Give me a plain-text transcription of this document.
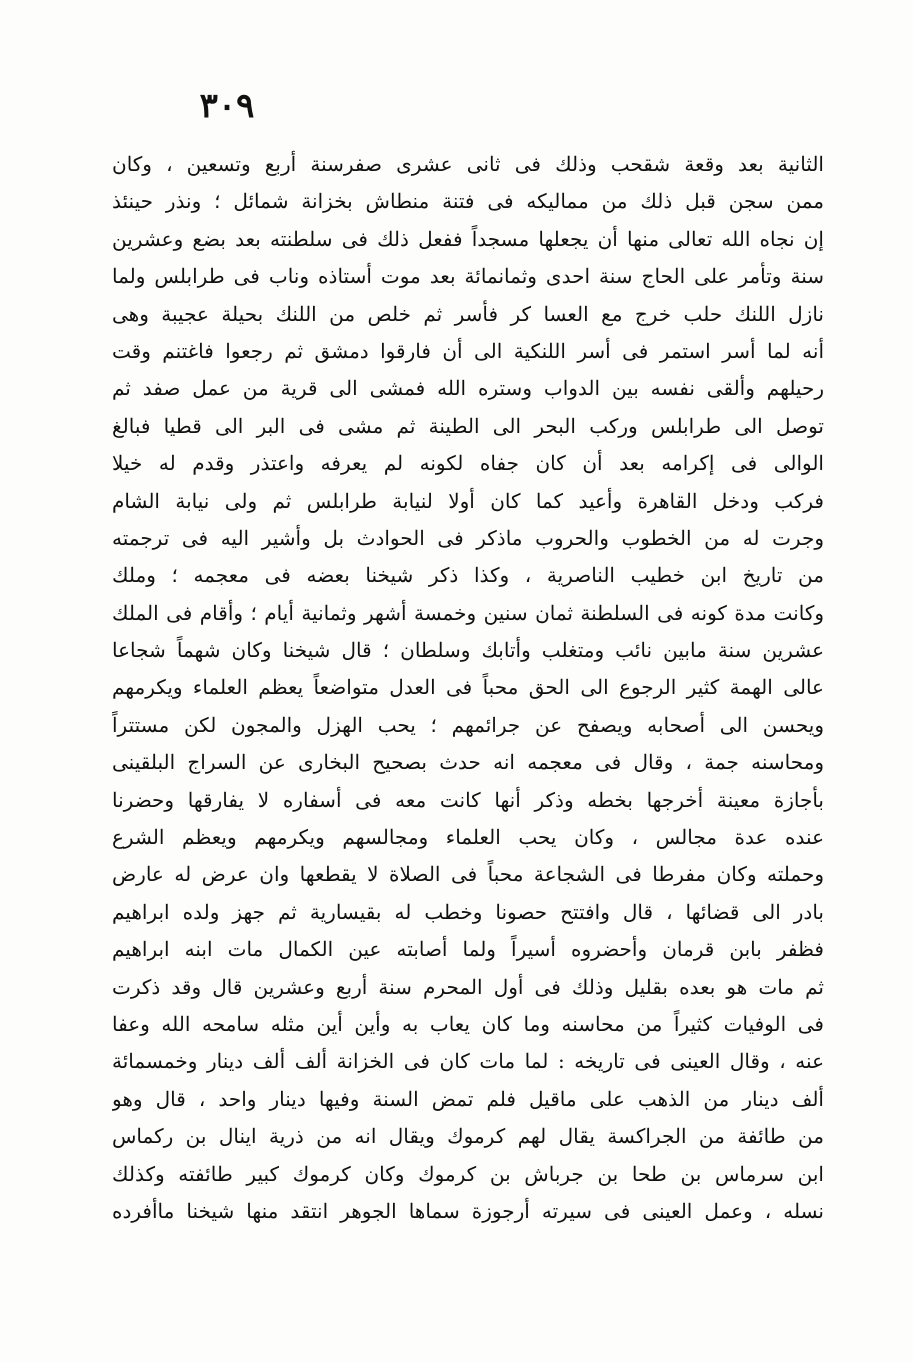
٣٠٩
الثانية بعد وقعة شقحب وذلك فى ثانى عشرى صفرسنة أربع وتسعين ، وكان
ممن سجن قبل ذلك من مماليكه فى فتنة منطاش بخزانة شمائل ؛ ونذر حينئذ
إن نجاه الله تعالى منها أن يجعلها مسجداً ففعل ذلك فى سلطنته بعد بضع وعشرين
سنة وتأمر على الحاج سنة احدى وثمانمائة بعد موت أستاذه وناب فى طرابلس ولما
نازل اللنك حلب خرج مع العسا كر فأسر ثم خلص من اللنك بحيلة عجيبة وهى
أنه لما أسر استمر فى أسر اللنكية الى أن فارقوا دمشق ثم رجعوا فاغتنم وقت
رحيلهم وألقى نفسه بين الدواب وستره الله فمشى الى قرية من عمل صفد ثم
توصل الى طرابلس وركب البحر الى الطينة ثم مشى فى البر الى قطيا فبالغ
الوالى فى إكرامه بعد أن كان جفاه لكونه لم يعرفه واعتذر وقدم له خيلا
فركب ودخل القاهرة وأعيد كما كان أولا لنيابة طرابلس ثم ولى نيابة الشام
وجرت له من الخطوب والحروب ماذكر فى الحوادث بل وأشير اليه فى ترجمته
من تاريخ ابن خطيب الناصرية ، وكذا ذكر شيخنا بعضه فى معجمه ؛ وملك
وكانت مدة كونه فى السلطنة ثمان سنين وخمسة أشهر وثمانية أيام ؛ وأقام فى الملك
عشرين سنة مابين نائب ومتغلب وأتابك وسلطان ؛ قال شيخنا وكان شهماً شجاعا
عالى الهمة كثير الرجوع الى الحق محباً فى العدل متواضعاً يعظم العلماء ويكرمهم
ويحسن الى أصحابه ويصفح عن جرائمهم ؛ يحب الهزل والمجون لكن مستتراً
ومحاسنه جمة ، وقال فى معجمه انه حدث بصحيح البخارى عن السراج البلقينى
بأجازة معينة أخرجها بخطه وذكر أنها كانت معه فى أسفاره لا يفارقها وحضرنا
عنده عدة مجالس ، وكان يحب العلماء ومجالسهم ويكرمهم ويعظم الشرع
وحملته وكان مفرطا فى الشجاعة محباً فى الصلاة لا يقطعها وان عرض له عارض
بادر الى قضائها ، قال وافتتح حصونا وخطب له بقيسارية ثم جهز ولده ابراهيم
فظفر بابن قرمان وأحضروه أسيراً ولما أصابته عين الكمال مات ابنه ابراهيم
ثم مات هو بعده بقليل وذلك فى أول المحرم سنة أربع وعشرين قال وقد ذكرت
فى الوفيات كثيراً من محاسنه وما كان يعاب به وأين أين مثله سامحه الله وعفا
عنه ، وقال العينى فى تاريخه : لما مات كان فى الخزانة ألف ألف دينار وخمسمائة
ألف دينار من الذهب على ماقيل فلم تمض السنة وفيها دينار واحد ، قال وهو
من طائفة من الجراكسة يقال لهم كرموك ويقال انه من ذرية اينال بن ركماس
ابن سرماس بن طحا بن جرباش بن كرموك وكان كرموك كبير طائفته وكذلك
نسله ، وعمل العينى فى سيرته أرجوزة سماها الجوهر انتقد منها شيخنا ماأفرده
